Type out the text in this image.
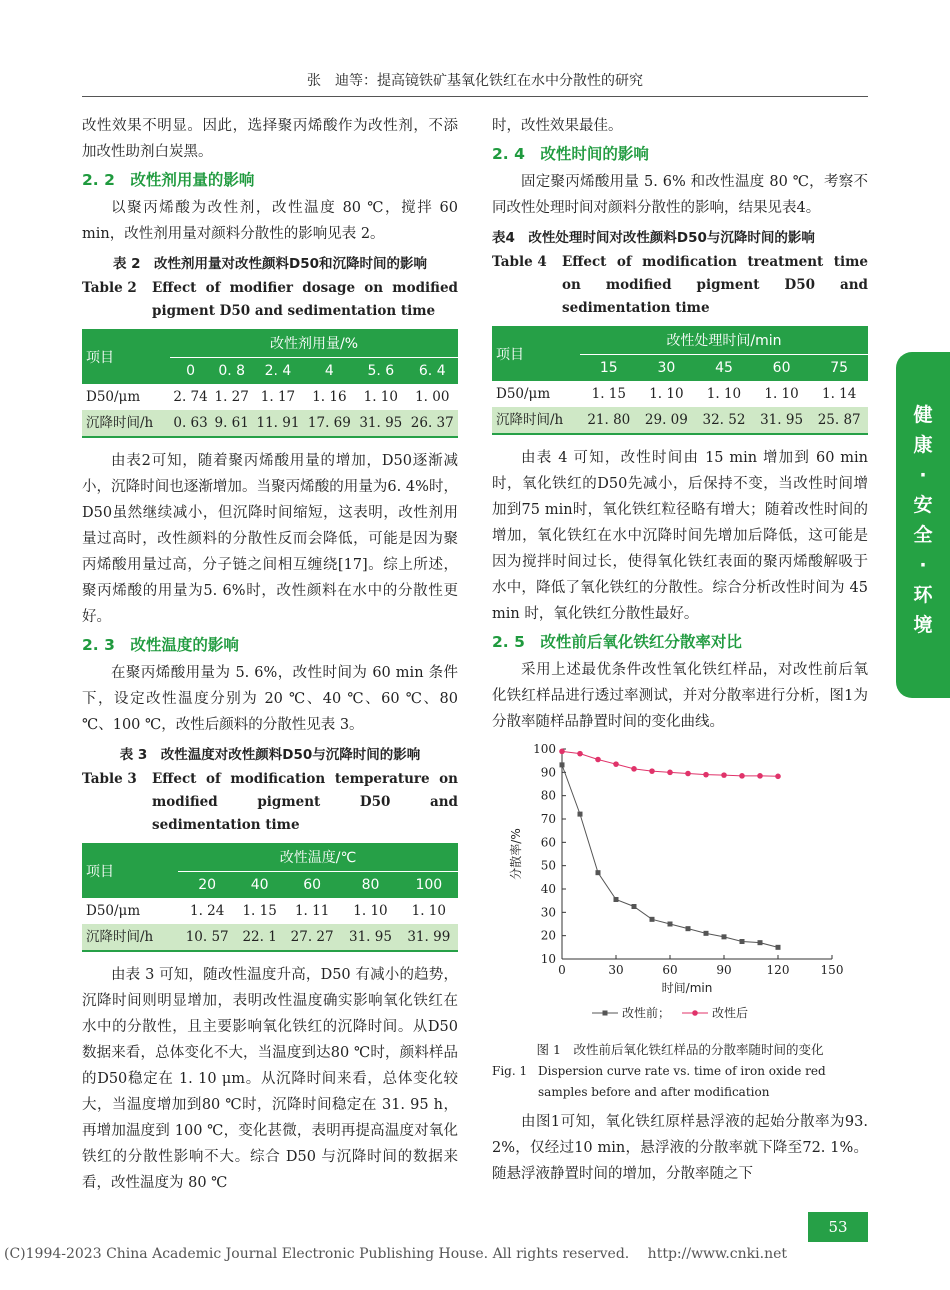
张　迪等：提高镜铁矿基氧化铁红在水中分散性的研究

改性效果不明显。因此，选择聚丙烯酸作为改性剂，不添加改性助剂白炭黑。

2. 2　改性剂用量的影响

以聚丙烯酸为改性剂，改性温度 80 ℃，搅拌 60 min，改性剂用量对颜料分散性的影响见表 2。

表 2　改性剂用量对改性颜料D50和沉降时间的影响
Table 2	Effect of modifier dosage on modified pigment D50 and sedimentation time
项目	改性剂用量/%					
	0	0. 8	2. 4	4	5. 6	6. 4
D50/μm	2. 74	1. 27	1. 17	1. 16	1. 10	1. 00
沉降时间/h	0. 63	9. 61	11. 91	17. 69	31. 95	26. 37

由表2可知，随着聚丙烯酸用量的增加，D50逐渐减小，沉降时间也逐渐增加。当聚丙烯酸的用量为6. 4%时，D50虽然继续减小，但沉降时间缩短，这表明，改性剂用量过高时，改性颜料的分散性反而会降低，可能是因为聚丙烯酸用量过高，分子链之间相互缠绕[17]。综上所述，聚丙烯酸的用量为5. 6%时，改性颜料在水中的分散性更好。

2. 3　改性温度的影响

在聚丙烯酸用量为 5. 6%，改性时间为 60 min 条件下，设定改性温度分别为 20 ℃、40 ℃、60 ℃、80 ℃、100 ℃，改性后颜料的分散性见表 3。

表 3　改性温度对改性颜料D50与沉降时间的影响
Table 3	Effect of modification temperature on modified pigment D50 and sedimentation time
项目	改性温度/℃				
	20	40	60	80	100
D50/μm	1. 24	1. 15	1. 11	1. 10	1. 10
沉降时间/h	10. 57	22. 1	27. 27	31. 95	31. 99

由表 3 可知，随改性温度升高，D50 有减小的趋势，沉降时间则明显增加，表明改性温度确实影响氧化铁红在水中的分散性，且主要影响氧化铁红的沉降时间。从D50数据来看，总体变化不大，当温度到达80 ℃时，颜料样品的D50稳定在 1. 10 μm。从沉降时间来看，总体变化较大，当温度增加到80 ℃时，沉降时间稳定在 31. 95 h，再增加温度到 100 ℃，变化甚微，表明再提高温度对氧化铁红的分散性影响不大。综合 D50 与沉降时间的数据来看，改性温度为 80 ℃

时，改性效果最佳。

2. 4　改性时间的影响

固定聚丙烯酸用量 5. 6% 和改性温度 80 ℃，考察不同改性处理时间对颜料分散性的影响，结果见表4。

表4　改性处理时间对改性颜料D50与沉降时间的影响
Table 4	Effect of modification treatment time on modified pigment D50 and sedimentation time
项目	改性处理时间/min				
	15	30	45	60	75
D50/μm	1. 15	1. 10	1. 10	1. 10	1. 14
沉降时间/h	21. 80	29. 09	32. 52	31. 95	25. 87

由表 4 可知，改性时间由 15 min 增加到 60 min 时，氧化铁红的D50先减小，后保持不变，当改性时间增加到75 min时，氧化铁红粒径略有增大；随着改性时间的增加，氧化铁红在水中沉降时间先增加后降低，这可能是因为搅拌时间过长，使得氧化铁红表面的聚丙烯酸解吸于水中，降低了氧化铁红的分散性。综合分析改性时间为 45 min 时，氧化铁红分散性最好。

2. 5　改性前后氧化铁红分散率对比

采用上述最优条件改性氧化铁红样品，对改性前后氧化铁红样品进行透过率测试，并对分散率进行分析，图1为分散率随样品静置时间的变化曲线。

10
20
30
40
50
60
70
80
90
100
0	30	60	90	120	150
时间/min
分散率/%
改性前；	改性后
图 1　改性前后氧化铁红样品的分散率随时间的变化
Fig. 1 Dispersion curve rate vs. time of iron oxide red samples before and after modification

由图1可知，氧化铁红原样悬浮液的起始分散率为93. 2%，仅经过10 min，悬浮液的分散率就下降至72. 1%。随悬浮液静置时间的增加，分散率随之下

健
康
·
安
全
·
环
境
53
(C)1994-2023 China Academic Journal Electronic Publishing House. All rights reserved.　 http://www.cnki.net
